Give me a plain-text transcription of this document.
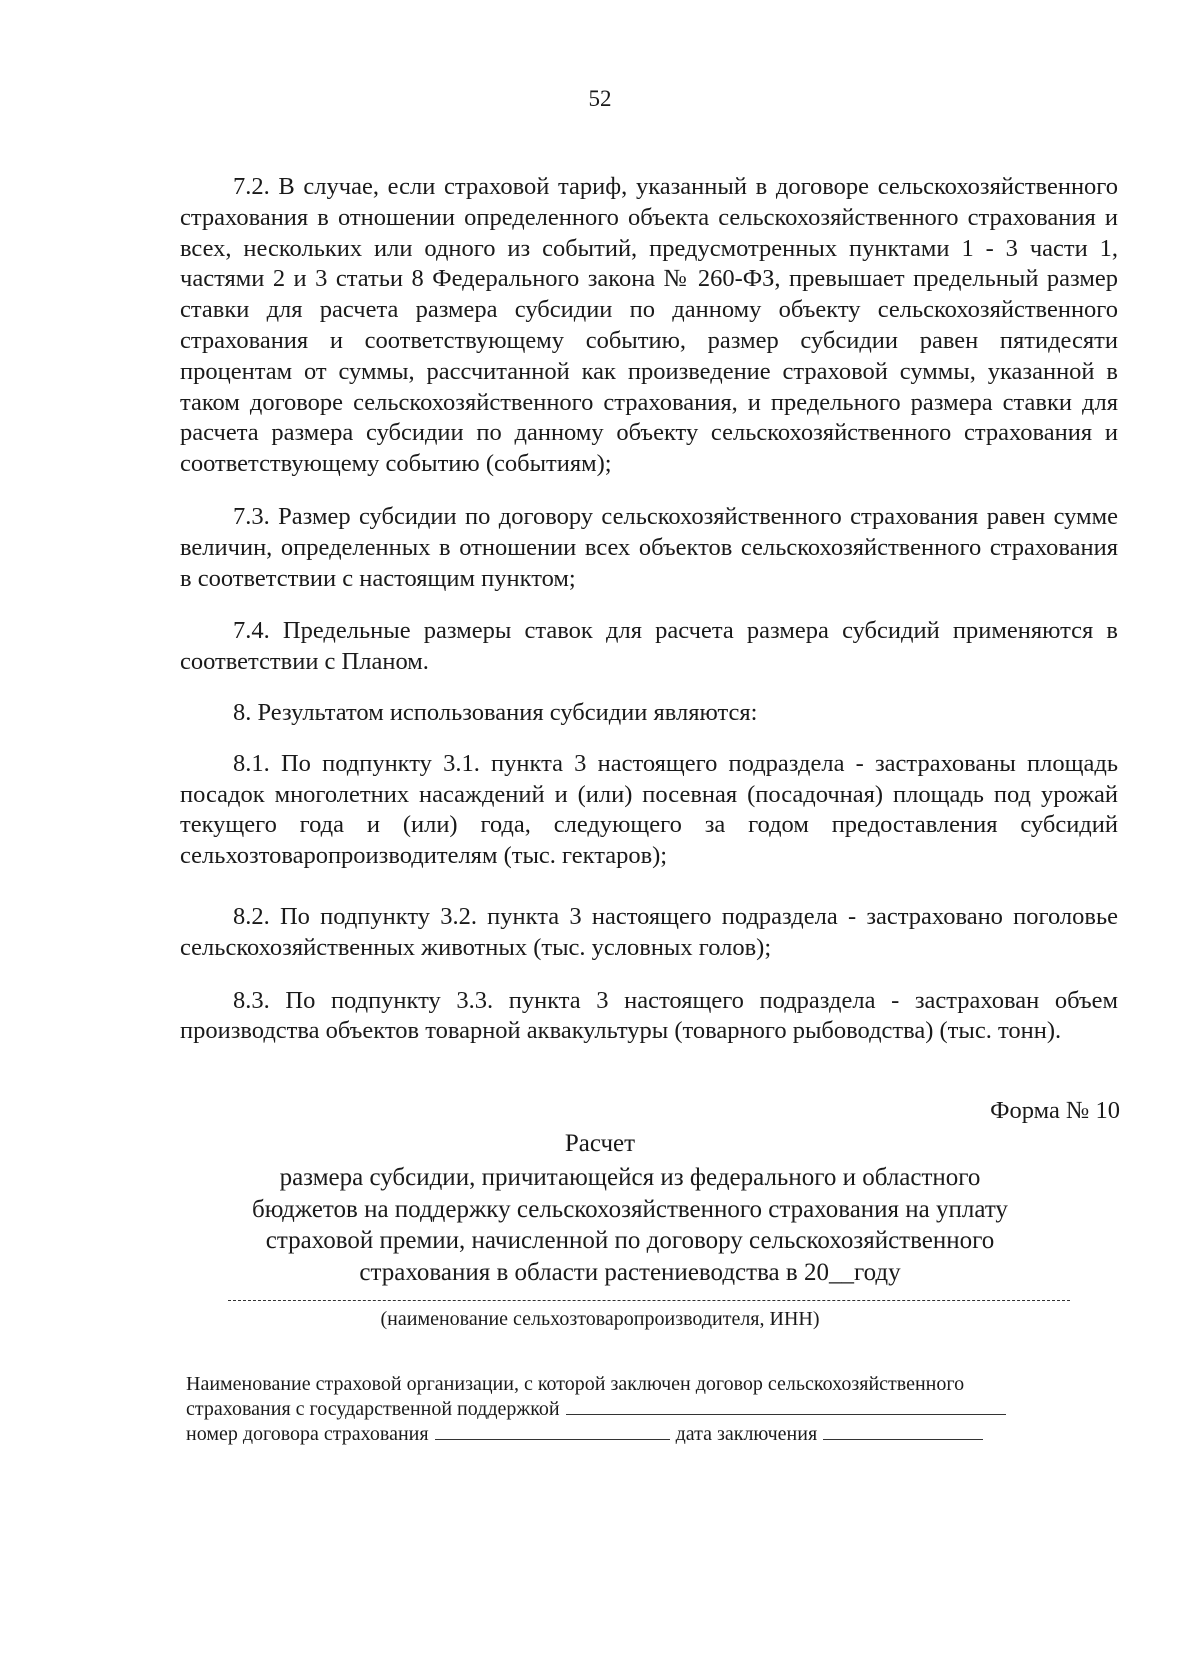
52

7.2. В случае, если страховой тариф, указанный в договоре сельскохозяйственного страхования в отношении определенного объекта сельскохозяйственного страхования и всех, нескольких или одного из событий, предусмотренных пунктами 1 - 3 части 1, частями 2 и 3 статьи 8 Федерального закона № 260-ФЗ, превышает предельный размер ставки для расчета размера субсидии по данному объекту сельскохозяйственного страхования и соответствующему событию, размер субсидии равен пятидесяти процентам от суммы, рассчитанной как произведение страховой суммы, указанной в таком договоре сельскохозяйственного страхования, и предельного размера ставки для расчета размера субсидии по данному объекту сельскохозяйственного страхования и соответствующему событию (событиям);

7.3. Размер субсидии по договору сельскохозяйственного страхования равен сумме величин, определенных в отношении всех объектов сельскохозяйственного страхования в соответствии с настоящим пунктом;

7.4. Предельные размеры ставок для расчета размера субсидий применяются в соответствии с Планом.

8. Результатом использования субсидии являются:

8.1. По подпункту 3.1. пункта 3 настоящего подраздела - застрахованы площадь посадок многолетних насаждений и (или) посевная (посадочная) площадь под урожай текущего года и (или) года, следующего за годом предоставления субсидий сельхозтоваропроизводителям (тыс. гектаров);

8.2. По подпункту 3.2. пункта 3 настоящего подраздела - застраховано поголовье сельскохозяйственных животных (тыс. условных голов);

8.3. По подпункту 3.3. пункта 3 настоящего подраздела - застрахован объем производства объектов товарной аквакультуры (товарного рыбоводства) (тыс. тонн).

Форма № 10
Расчет
размера субсидии, причитающейся из федерального и областного бюджетов на поддержку сельскохозяйственного страхования на уплату страховой премии, начисленной по договору сельскохозяйственного страхования в области растениеводства в 20__году
(наименование сельхозтоваропроизводителя, ИНН)
Наименование страховой организации, с которой заключен договор сельскохозяйственного
страхования с государственной поддержкой
номер договора страхования	дата заключения
